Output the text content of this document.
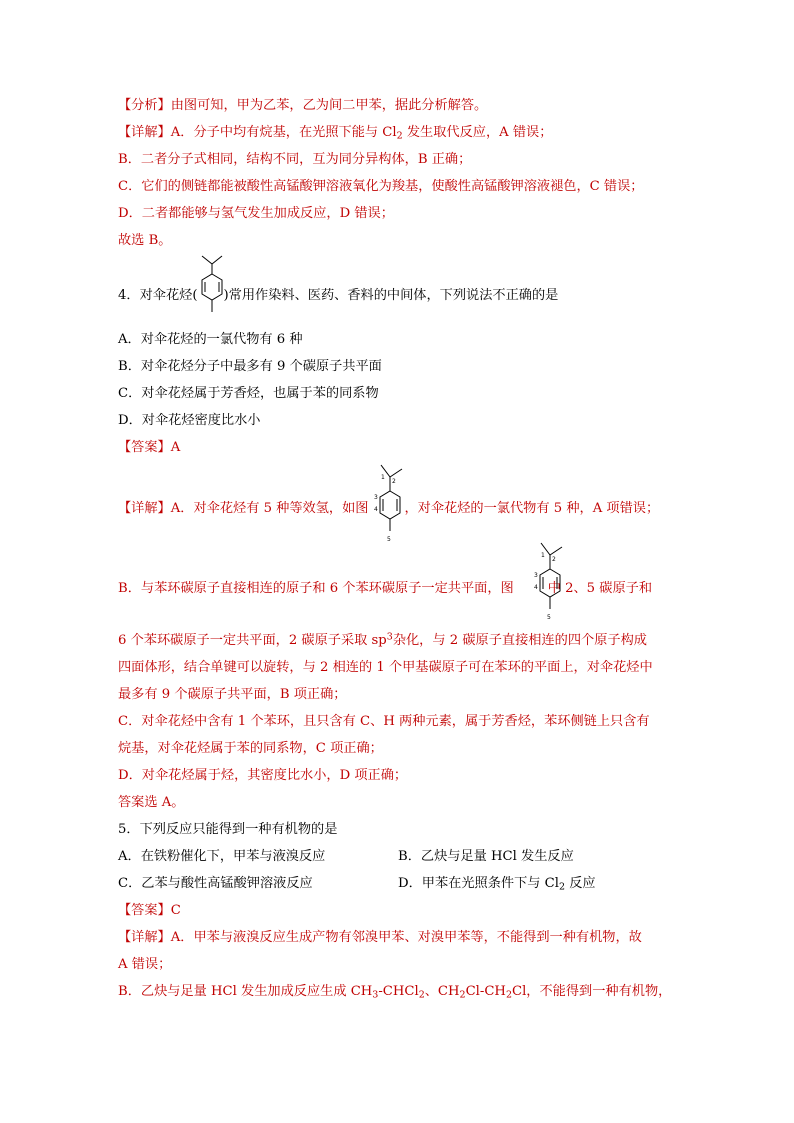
【分析】由图可知，甲为乙苯，乙为间二甲苯，据此分析解答。
【详解】A．分子中均有烷基，在光照下能与 $Cl_2$ 发生取代反应，A 错误；
B．二者分子式相同，结构不同，互为同分异构体，B 正确；
C．它们的侧链都能被酸性高锰酸钾溶液氧化为羧基，使酸性高锰酸钾溶液褪色，C 错误；
D．二者都能够与氢气发生加成反应，D 错误；
故选 B。
4．对伞花烃( )常用作染料、医药、香料的中间体，下列说法不正确的是
A．对伞花烃的一氯代物有 6 种
B．对伞花烃分子中最多有 9 个碳原子共平面
C．对伞花烃属于芳香烃，也属于苯的同系物
D．对伞花烃密度比水小
【答案】A
【详解】A．对伞花烃有 5 种等效氢，如图	，对伞花烃的一氯代物有 5 种，A 项错误；
1
2
3
4
5
B．与苯环碳原子直接相连的原子和 6 个苯环碳原子一定共平面，图	中 2、5 碳原子和
1
2
3
4
5
6 个苯环碳原子一定共平面，2 碳原子采取 $sp^3$杂化，与 2 碳原子直接相连的四个原子构成
四面体形，结合单键可以旋转，与 2 相连的 1 个甲基碳原子可在苯环的平面上，对伞花烃中
最多有 9 个碳原子共平面，B 项正确；
C．对伞花烃中含有 1 个苯环，且只含有 C、H 两种元素，属于芳香烃，苯环侧链上只含有
烷基，对伞花烃属于苯的同系物，C 项正确；
D．对伞花烃属于烃，其密度比水小，D 项正确；
答案选 A。
5．下列反应只能得到一种有机物的是
A．在铁粉催化下，甲苯与液溴反应	B．乙炔与足量 HCl 发生反应
C．乙苯与酸性高锰酸钾溶液反应	D．甲苯在光照条件下与 $Cl_2$ 反应
【答案】C
【详解】A．甲苯与液溴反应生成产物有邻溴甲苯、对溴甲苯等，不能得到一种有机物，故
A 错误；
B．乙炔与足量 HCl 发生加成反应生成 $CH_3-CHCl_2$、$CH_2Cl-CH_2Cl$，不能得到一种有机物，
